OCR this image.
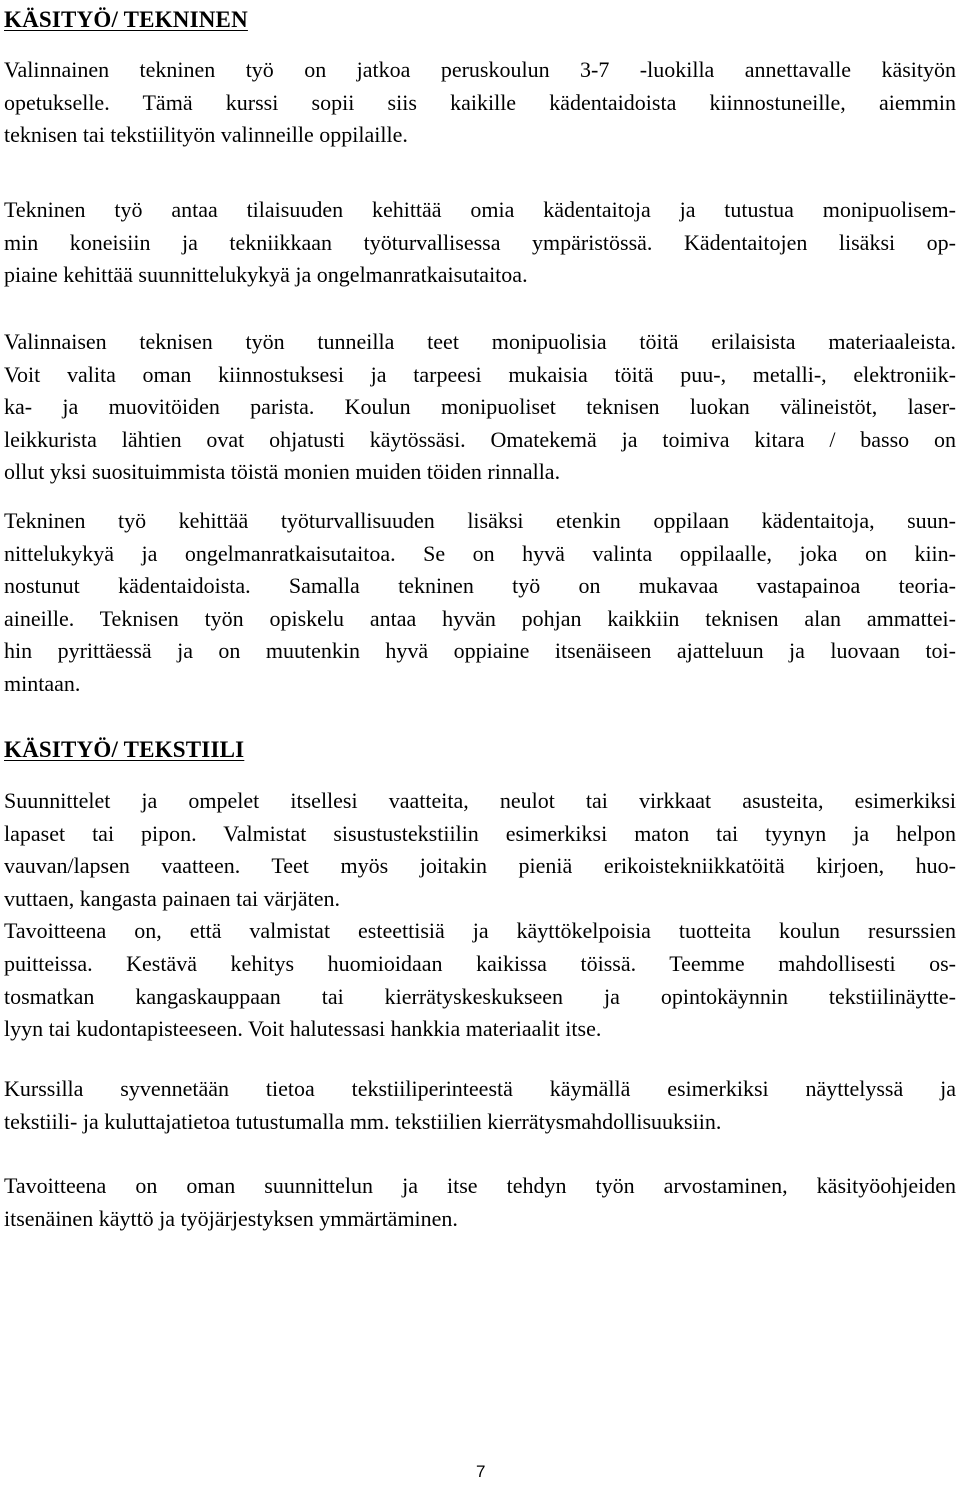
KÄSITYÖ/ TEKNINEN
Valinnainen tekninen työ on jatkoa peruskoulun 3-7 -luokilla annettavalle käsityön
opetukselle. Tämä kurssi sopii siis kaikille kädentaidoista kiinnostuneille, aiemmin
teknisen tai tekstiilityön valinneille oppilaille.
Tekninen työ antaa tilaisuuden kehittää omia kädentaitoja ja tutustua monipuolisem-
min koneisiin ja tekniikkaan työturvallisessa ympäristössä. Kädentaitojen lisäksi op-
piaine kehittää suunnittelukykyä ja ongelmanratkaisutaitoa.
Valinnaisen teknisen työn tunneilla teet monipuolisia töitä erilaisista materiaaleista.
Voit valita oman kiinnostuksesi ja tarpeesi mukaisia töitä puu-, metalli-, elektroniik-
ka- ja muovitöiden parista. Koulun monipuoliset teknisen luokan välineistöt, laser-
leikkurista lähtien ovat ohjatusti käytössäsi. Omatekemä ja toimiva kitara / basso on
ollut yksi suosituimmista töistä monien muiden töiden rinnalla.
Tekninen työ kehittää työturvallisuuden lisäksi etenkin oppilaan kädentaitoja, suun-
nittelukykyä ja ongelmanratkaisutaitoa. Se on hyvä valinta oppilaalle, joka on kiin-
nostunut kädentaidoista. Samalla tekninen työ on mukavaa vastapainoa teoria-
aineille. Teknisen työn opiskelu antaa hyvän pohjan kaikkiin teknisen alan ammattei-
hin pyrittäessä ja on muutenkin hyvä oppiaine itsenäiseen ajatteluun ja luovaan toi-
mintaan.
KÄSITYÖ/ TEKSTIILI
Suunnittelet ja ompelet itsellesi vaatteita, neulot tai virkkaat asusteita, esimerkiksi
lapaset tai pipon. Valmistat sisustustekstiilin esimerkiksi maton tai tyynyn ja helpon
vauvan/lapsen vaatteen. Teet myös joitakin pieniä erikoistekniikkatöitä kirjoen, huo-
vuttaen, kangasta painaen tai värjäten.
Tavoitteena on, että valmistat esteettisiä ja käyttökelpoisia tuotteita koulun resurssien
puitteissa. Kestävä kehitys huomioidaan kaikissa töissä. Teemme mahdollisesti os-
tosmatkan kangaskauppaan tai kierrätyskeskukseen ja opintokäynnin tekstiilinäytte-
lyyn tai kudontapisteeseen. Voit halutessasi hankkia materiaalit itse.
Kurssilla syvennetään tietoa tekstiiliperinteestä käymällä esimerkiksi näyttelyssä ja
tekstiili- ja kuluttajatietoa tutustumalla mm. tekstiilien kierrätysmahdollisuuksiin.
Tavoitteena on oman suunnittelun ja itse tehdyn työn arvostaminen, käsityöohjeiden
itsenäinen käyttö ja työjärjestyksen ymmärtäminen.
7
